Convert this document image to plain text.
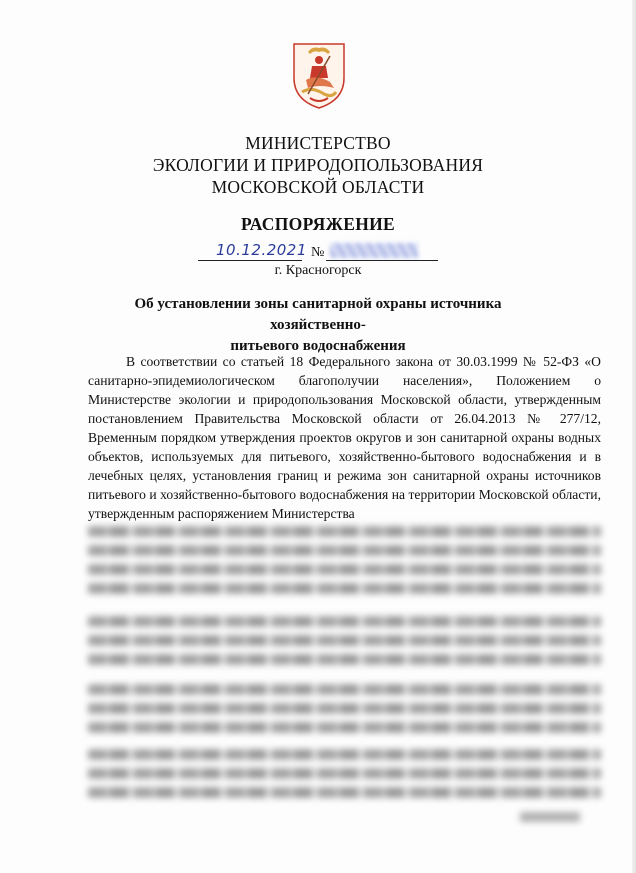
МИНИСТЕРСТВО
ЭКОЛОГИИ И ПРИРОДОПОЛЬЗОВАНИЯ
МОСКОВСКОЙ ОБЛАСТИ
РАСПОРЯЖЕНИЕ
10.12.2021 №
г. Красногорск
Об установлении зоны санитарной охраны источника хозяйственно-
питьевого водоснабжения
В соответствии со статьей 18 Федерального закона от 30.03.1999 № 52-ФЗ «О санитарно-эпидемиологическом благополучии населения», Положением о Министерстве экологии и природопользования Московской области, утвержденным постановлением Правительства Московской области от 26.04.2013 № 277/12, Временным порядком утверждения проектов округов и зон санитарной охраны водных объектов, используемых для питьевого, хозяйственно-бытового водоснабжения и в лечебных целях, установления границ и режима зон санитарной охраны источников питьевого и хозяйственно-бытового водоснабжения на территории Московской области, утвержденным распоряжением Министерства
